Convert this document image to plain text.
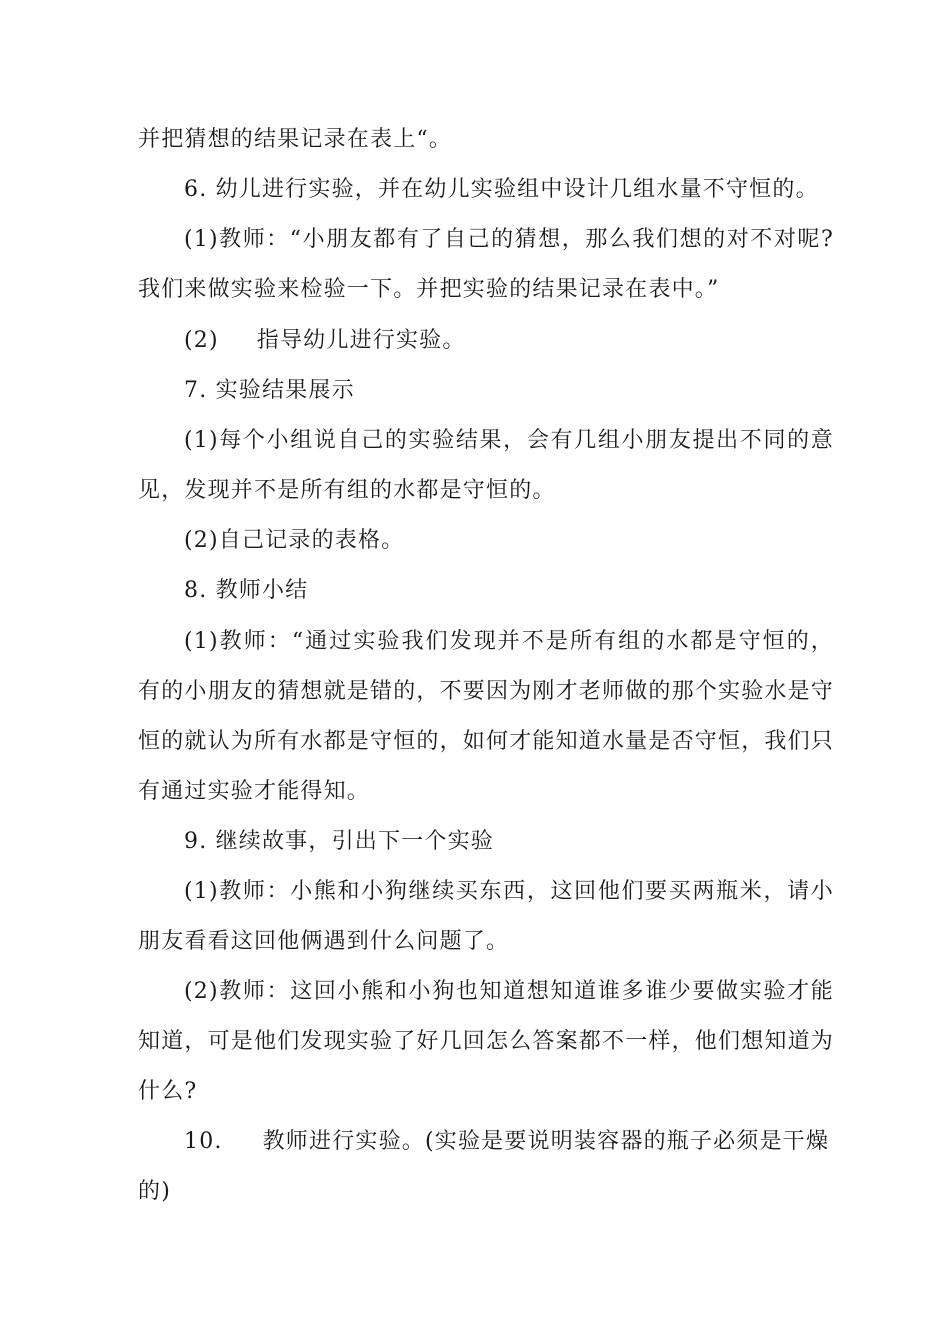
并把猜想的结果记录在表上“。
6. 幼儿进行实验，并在幼儿实验组中设计几组水量不守恒的。
(1)教师：“小朋友都有了自己的猜想，那么我们想的对不对呢?
我们来做实验来检验一下。并把实验的结果记录在表中。”
(2) 指导幼儿进行实验。
7. 实验结果展示
(1)每个小组说自己的实验结果，会有几组小朋友提出不同的意
见，发现并不是所有组的水都是守恒的。
(2)自己记录的表格。
8. 教师小结
(1)教师：“通过实验我们发现并不是所有组的水都是守恒的，
有的小朋友的猜想就是错的，不要因为刚才老师做的那个实验水是守
恒的就认为所有水都是守恒的，如何才能知道水量是否守恒，我们只
有通过实验才能得知。
9. 继续故事，引出下一个实验
(1)教师：小熊和小狗继续买东西，这回他们要买两瓶米，请小
朋友看看这回他俩遇到什么问题了。
(2)教师：这回小熊和小狗也知道想知道谁多谁少要做实验才能
知道，可是他们发现实验了好几回怎么答案都不一样，他们想知道为
什么?
10. 教师进行实验。(实验是要说明装容器的瓶子必须是干燥
的)
